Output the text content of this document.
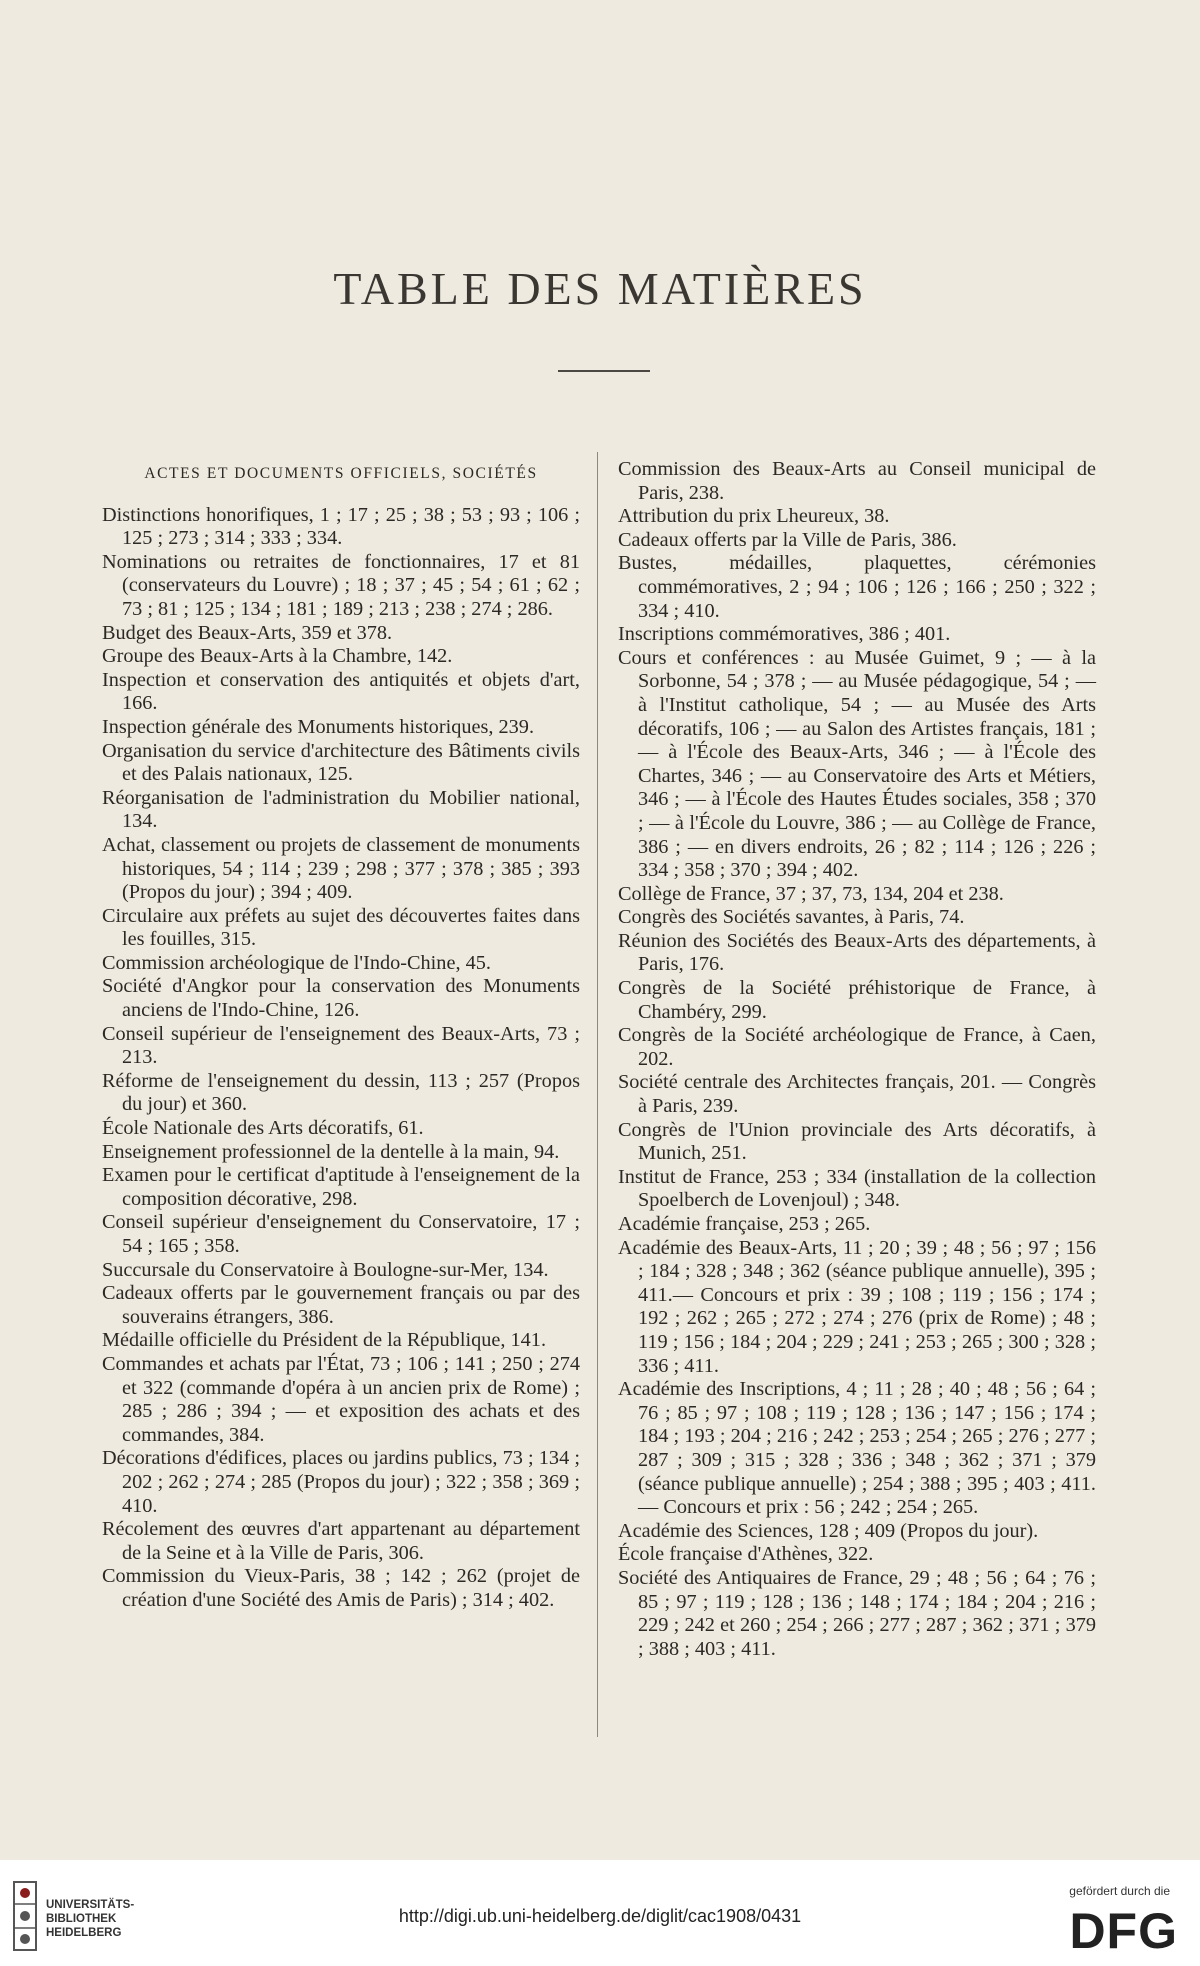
TABLE DES MATIÈRES
ACTES ET DOCUMENTS OFFICIELS, SOCIÉTÉS

Distinctions honorifiques, 1 ; 17 ; 25 ; 38 ; 53 ; 93 ; 106 ; 125 ; 273 ; 314 ; 333 ; 334.

Nominations ou retraites de fonctionnaires, 17 et 81 (conservateurs du Louvre) ; 18 ; 37 ; 45 ; 54 ; 61 ; 62 ; 73 ; 81 ; 125 ; 134 ; 181 ; 189 ; 213 ; 238 ; 274 ; 286.

Budget des Beaux-Arts, 359 et 378.

Groupe des Beaux-Arts à la Chambre, 142.

Inspection et conservation des antiquités et objets d'art, 166.

Inspection générale des Monuments historiques, 239.

Organisation du service d'architecture des Bâtiments civils et des Palais nationaux, 125.

Réorganisation de l'administration du Mobilier national, 134.

Achat, classement ou projets de classement de monuments historiques, 54 ; 114 ; 239 ; 298 ; 377 ; 378 ; 385 ; 393 (Propos du jour) ; 394 ; 409.

Circulaire aux préfets au sujet des découvertes faites dans les fouilles, 315.

Commission archéologique de l'Indo-Chine, 45.

Société d'Angkor pour la conservation des Monuments anciens de l'Indo-Chine, 126.

Conseil supérieur de l'enseignement des Beaux-Arts, 73 ; 213.

Réforme de l'enseignement du dessin, 113 ; 257 (Propos du jour) et 360.

École Nationale des Arts décoratifs, 61.

Enseignement professionnel de la dentelle à la main, 94.

Examen pour le certificat d'aptitude à l'enseignement de la composition décorative, 298.

Conseil supérieur d'enseignement du Conservatoire, 17 ; 54 ; 165 ; 358.

Succursale du Conservatoire à Boulogne-sur-Mer, 134.

Cadeaux offerts par le gouvernement français ou par des souverains étrangers, 386.

Médaille officielle du Président de la République, 141.

Commandes et achats par l'État, 73 ; 106 ; 141 ; 250 ; 274 et 322 (commande d'opéra à un ancien prix de Rome) ; 285 ; 286 ; 394 ; — et exposition des achats et des commandes, 384.

Décorations d'édifices, places ou jardins publics, 73 ; 134 ; 202 ; 262 ; 274 ; 285 (Propos du jour) ; 322 ; 358 ; 369 ; 410.

Récolement des œuvres d'art appartenant au département de la Seine et à la Ville de Paris, 306.

Commission du Vieux-Paris, 38 ; 142 ; 262 (projet de création d'une Société des Amis de Paris) ; 314 ; 402.

Commission des Beaux-Arts au Conseil municipal de Paris, 238.

Attribution du prix Lheureux, 38.

Cadeaux offerts par la Ville de Paris, 386.

Bustes, médailles, plaquettes, cérémonies commémoratives, 2 ; 94 ; 106 ; 126 ; 166 ; 250 ; 322 ; 334 ; 410.

Inscriptions commémoratives, 386 ; 401.

Cours et conférences : au Musée Guimet, 9 ; — à la Sorbonne, 54 ; 378 ; — au Musée pédagogique, 54 ; — à l'Institut catholique, 54 ; — au Musée des Arts décoratifs, 106 ; — au Salon des Artistes français, 181 ; — à l'École des Beaux-Arts, 346 ; — à l'École des Chartes, 346 ; — au Conservatoire des Arts et Métiers, 346 ; — à l'École des Hautes Études sociales, 358 ; 370 ; — à l'École du Louvre, 386 ; — au Collège de France, 386 ; — en divers endroits, 26 ; 82 ; 114 ; 126 ; 226 ; 334 ; 358 ; 370 ; 394 ; 402.

Collège de France, 37 ; 37, 73, 134, 204 et 238.

Congrès des Sociétés savantes, à Paris, 74.

Réunion des Sociétés des Beaux-Arts des départements, à Paris, 176.

Congrès de la Société préhistorique de France, à Chambéry, 299.

Congrès de la Société archéologique de France, à Caen, 202.

Société centrale des Architectes français, 201. — Congrès à Paris, 239.

Congrès de l'Union provinciale des Arts décoratifs, à Munich, 251.

Institut de France, 253 ; 334 (installation de la collection Spoelberch de Lovenjoul) ; 348.

Académie française, 253 ; 265.

Académie des Beaux-Arts, 11 ; 20 ; 39 ; 48 ; 56 ; 97 ; 156 ; 184 ; 328 ; 348 ; 362 (séance publique annuelle), 395 ; 411.— Concours et prix : 39 ; 108 ; 119 ; 156 ; 174 ; 192 ; 262 ; 265 ; 272 ; 274 ; 276 (prix de Rome) ; 48 ; 119 ; 156 ; 184 ; 204 ; 229 ; 241 ; 253 ; 265 ; 300 ; 328 ; 336 ; 411.

Académie des Inscriptions, 4 ; 11 ; 28 ; 40 ; 48 ; 56 ; 64 ; 76 ; 85 ; 97 ; 108 ; 119 ; 128 ; 136 ; 147 ; 156 ; 174 ; 184 ; 193 ; 204 ; 216 ; 242 ; 253 ; 254 ; 265 ; 276 ; 277 ; 287 ; 309 ; 315 ; 328 ; 336 ; 348 ; 362 ; 371 ; 379 (séance publique annuelle) ; 254 ; 388 ; 395 ; 403 ; 411. — Concours et prix : 56 ; 242 ; 254 ; 265.

Académie des Sciences, 128 ; 409 (Propos du jour).

École française d'Athènes, 322.

Société des Antiquaires de France, 29 ; 48 ; 56 ; 64 ; 76 ; 85 ; 97 ; 119 ; 128 ; 136 ; 148 ; 174 ; 184 ; 204 ; 216 ; 229 ; 242 et 260 ; 254 ; 266 ; 277 ; 287 ; 362 ; 371 ; 379 ; 388 ; 403 ; 411.

UNIVERSITÄTS-
BIBLIOTHEK
HEIDELBERG
http://digi.ub.uni-heidelberg.de/diglit/cac1908/0431
gefördert durch die
DFG
